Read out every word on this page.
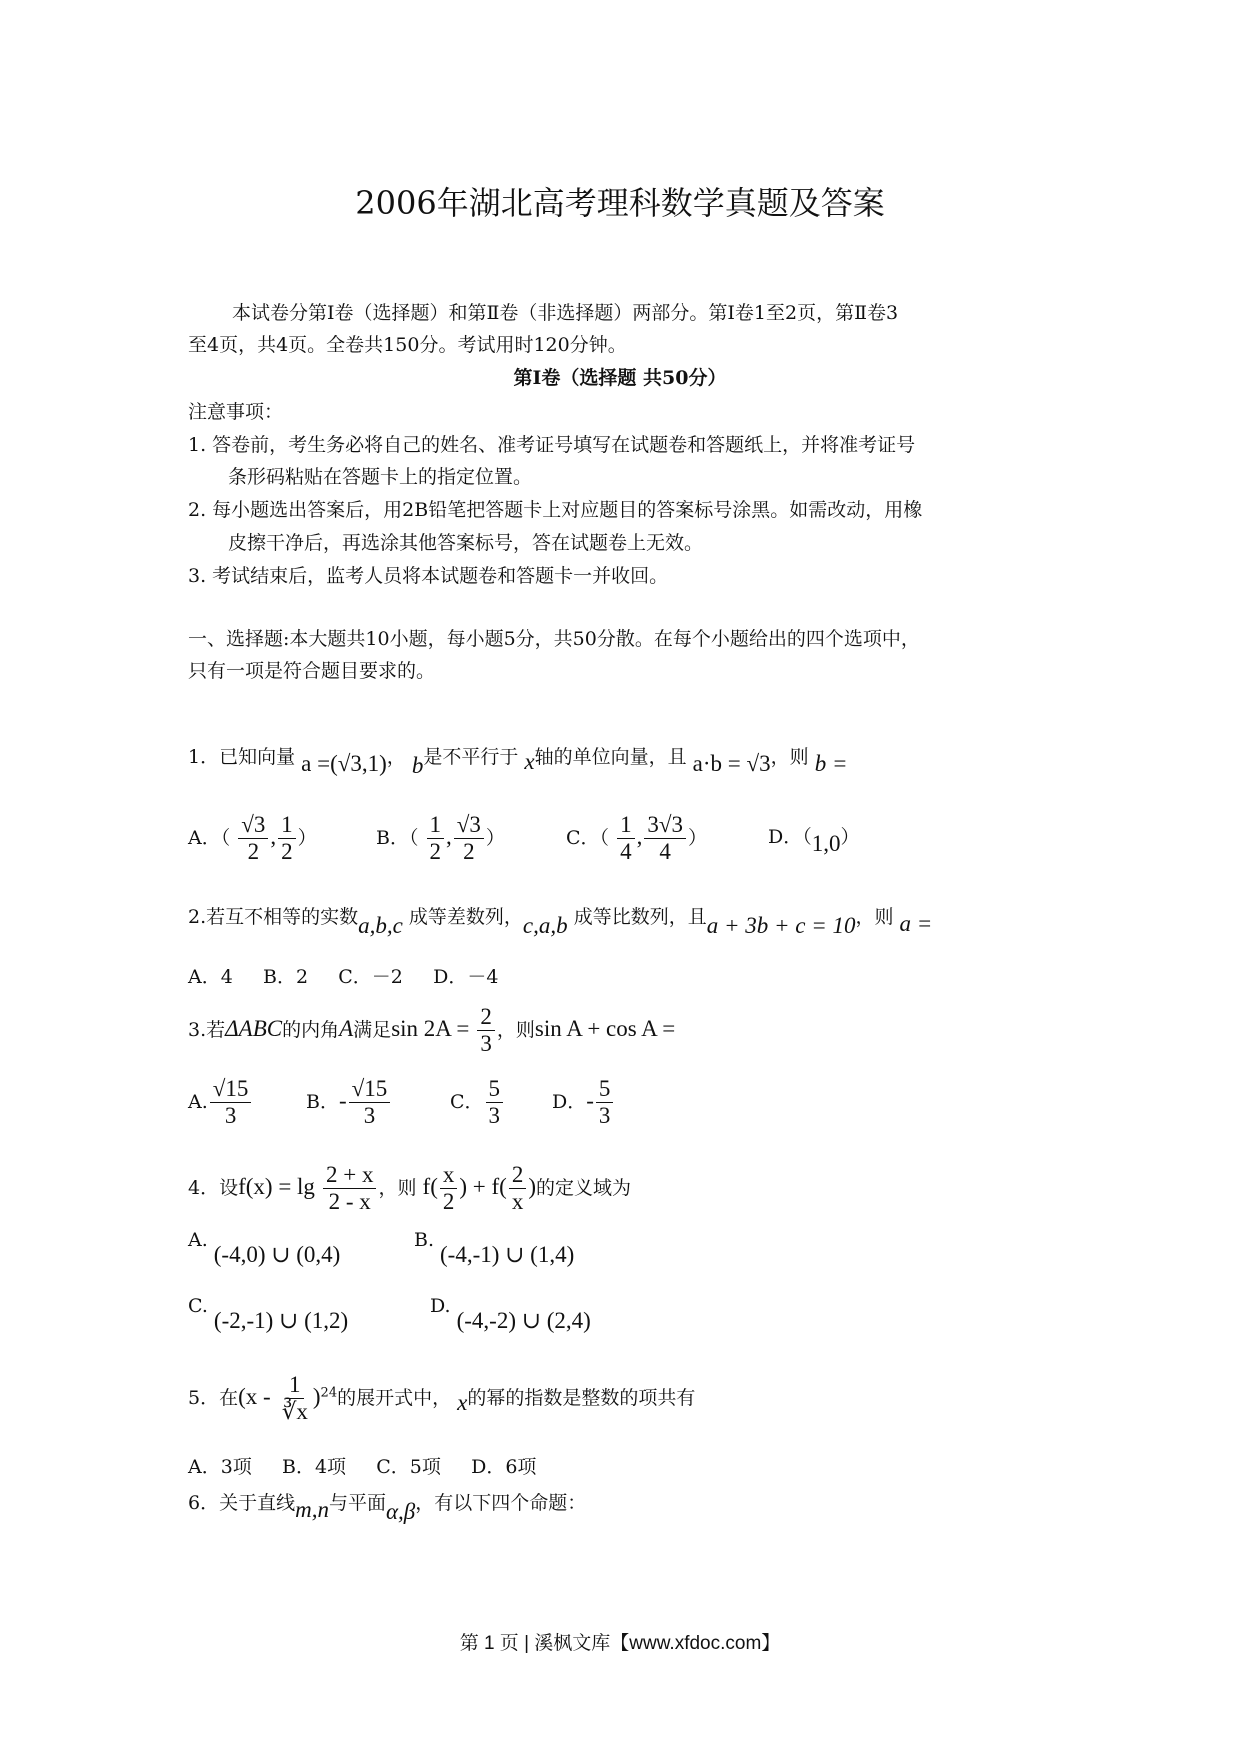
2006年湖北高考理科数学真题及答案
本试卷分第Ⅰ卷（选择题）和第Ⅱ卷（非选择题）两部分。第Ⅰ卷1至2页，第Ⅱ卷3
至4页，共4页。全卷共150分。考试用时120分钟。
第Ⅰ卷（选择题 共50分）
注意事项：
1. 答卷前，考生务必将自己的姓名、准考证号填写在试题卷和答题纸上，并将准考证号
条形码粘贴在答题卡上的指定位置。
2. 每小题选出答案后，用2B铅笔把答题卡上对应题目的答案标号涂黑。如需改动，用橡
皮擦干净后，再选涂其他答案标号，答在试题卷上无效。
3. 考试结束后，监考人员将本试题卷和答题卡一并收回。
一、选择题:本大题共10小题，每小题5分，共50分散。在每个小题给出的四个选项中，
只有一项是符合题目要求的。
1．已知向量 a =(√3,1)， b是不平行于 x轴的单位向量，且 a·b = √3，则 b =
A．（ $\frac{√3}{2}$ , $\frac{1}{2}$ ）	B．（ $\frac{1}{2}$ , $\frac{√3}{2}$ ）	C．（ $\frac{1}{4}$ , $\frac{3√3}{4}$ ）	D．（1,0）
2.若互不相等的实数a,b,c 成等差数列，c,a,b 成等比数列，且a + 3b + c = 10，则 a =
A．4     B．2     C．－2     D．－4
3.若ΔABC的内角A满足$\sin 2A = \frac{2}{3}$ ，则sin A + cos A =
A. $\frac{√15}{3}$	B．- $\frac{√15}{3}$	C． $\frac{5}{3}$	D．- $\frac{5}{3}$
4．设$f(x) = \lg \frac{2 + x}{2 - x}$ ，则 $f( \frac{x}{2}$ ) + $f( \frac{2}{x}$ )的定义域为
A.(-4,0) ∪ (0,4)
B.(-4,-1) ∪ (1,4)
C.(-2,-1) ∪ (1,2)
D.(-4,-2) ∪ (2,4)
5．在$(x - \frac{1}{∛x} )^{24}$的展开式中， x的幂的指数是整数的项共有
A．3项     B．4项     C．5项     D．6项
6．关于直线m,n与平面α,β，有以下四个命题：
第 1 页 | 溪枫文库【www.xfdoc.com】
